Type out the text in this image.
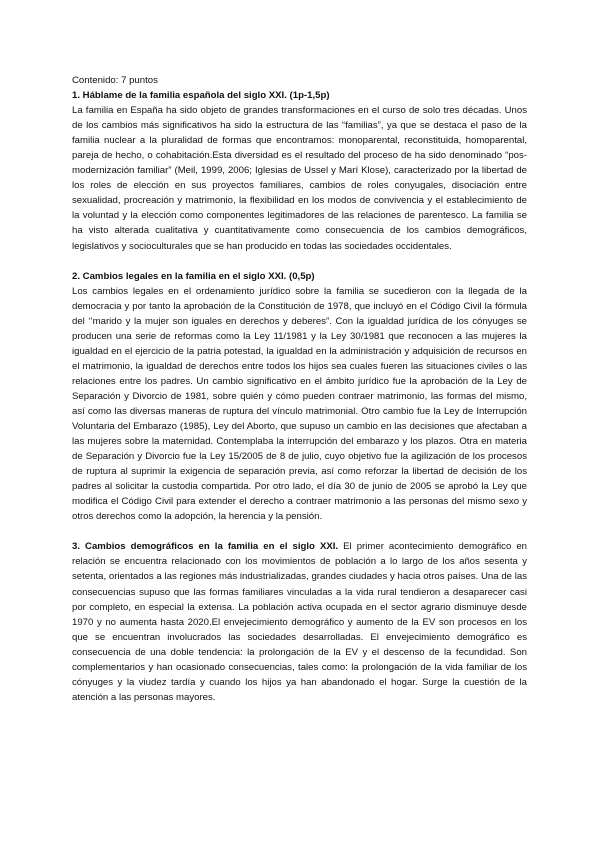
Contenido: 7 puntos

1. Háblame de la familia española del siglo XXI. (1p-1,5p)

La familia en España ha sido objeto de grandes transformaciones en el curso de solo tres décadas. Unos de los cambios más significativos ha sido la estructura de las “familias”, ya que se destaca el paso de la familia nuclear a la pluralidad de formas que encontramos: monoparental, reconstituida, homoparental, pareja de hecho, o cohabitación.Esta diversidad es el resultado del proceso de ha sido denominado “pos-modernización familiar” (Meil, 1999, 2006; Iglesias de Ussel y Marí Klose), caracterizado por la libertad de los roles de elección en sus proyectos familiares, cambios de roles conyugales, disociación entre sexualidad, procreación y matrimonio, la flexibilidad en los modos de convivencia y el establecimiento de la voluntad y la elección como componentes legitimadores de las relaciones de parentesco. La familia se ha visto alterada cualitativa y cuantitativamente como consecuencia de los cambios demográficos, legislativos y socioculturales que se han producido en todas las sociedades occidentales.

2. Cambios legales en la familia en el siglo XXI. (0,5p)

Los cambios legales en el ordenamiento jurídico sobre la familia se sucedieron con la llegada de la democracia y por tanto la aprobación de la Constitución de 1978, que incluyó en el Código Civil la fórmula del ‘’marido y la mujer son iguales en derechos y deberes”. Con la igualdad jurídica de los cónyuges se producen una serie de reformas como la Ley 11/1981 y la Ley 30/1981 que reconocen a las mujeres la igualdad en el ejercicio de la patria potestad, la igualdad en la administración y adquisición de recursos en el matrimonio, la igualdad de derechos entre todos los hijos sea cuales fueren las situaciones civiles o las relaciones entre los padres. Un cambio significativo en el ámbito jurídico fue la aprobación de la Ley de Separación y Divorcio de 1981, sobre quién y cómo pueden contraer matrimonio, las formas del mismo, así como las diversas maneras de ruptura del vínculo matrimonial. Otro cambio fue la Ley de Interrupción Voluntaria del Embarazo (1985), Ley del Aborto, que supuso un cambio en las decisiones que afectaban a las mujeres sobre la maternidad. Contemplaba la interrupción del embarazo y los plazos. Otra en materia de Separación y Divorcio fue la Ley 15/2005 de 8 de julio, cuyo objetivo fue la agilización de los procesos de ruptura al suprimir la exigencia de separación previa, así como reforzar la libertad de decisión de los padres al solicitar la custodia compartida. Por otro lado, el día 30 de junio de 2005 se aprobó la Ley que modifica el Código Civil para extender el derecho a contraer matrimonio a las personas del mismo sexo y otros derechos como la adopción, la herencia y la pensión.

3. Cambios demográficos en la familia en el siglo XXI. El primer acontecimiento demográfico en relación se encuentra relacionado con los movimientos de población a lo largo de los años sesenta y setenta, orientados a las regiones más industrializadas, grandes ciudades y hacia otros países. Una de las consecuencias supuso que las formas familiares vinculadas a la vida rural tendieron a desaparecer casi por completo, en especial la extensa. La población activa ocupada en el sector agrario disminuye desde 1970 y no aumenta hasta 2020.El envejecimiento demográfico y aumento de la EV son procesos en los que se encuentran involucrados las sociedades desarrolladas. El envejecimiento demográfico es consecuencia de una doble tendencia: la prolongación de la EV y el descenso de la fecundidad. Son complementarios y han ocasionado consecuencias, tales como: la prolongación de la vida familiar de los cónyuges y la viudez tardía y cuando los hijos ya han abandonado el hogar. Surge la cuestión de la atención a las personas mayores.
